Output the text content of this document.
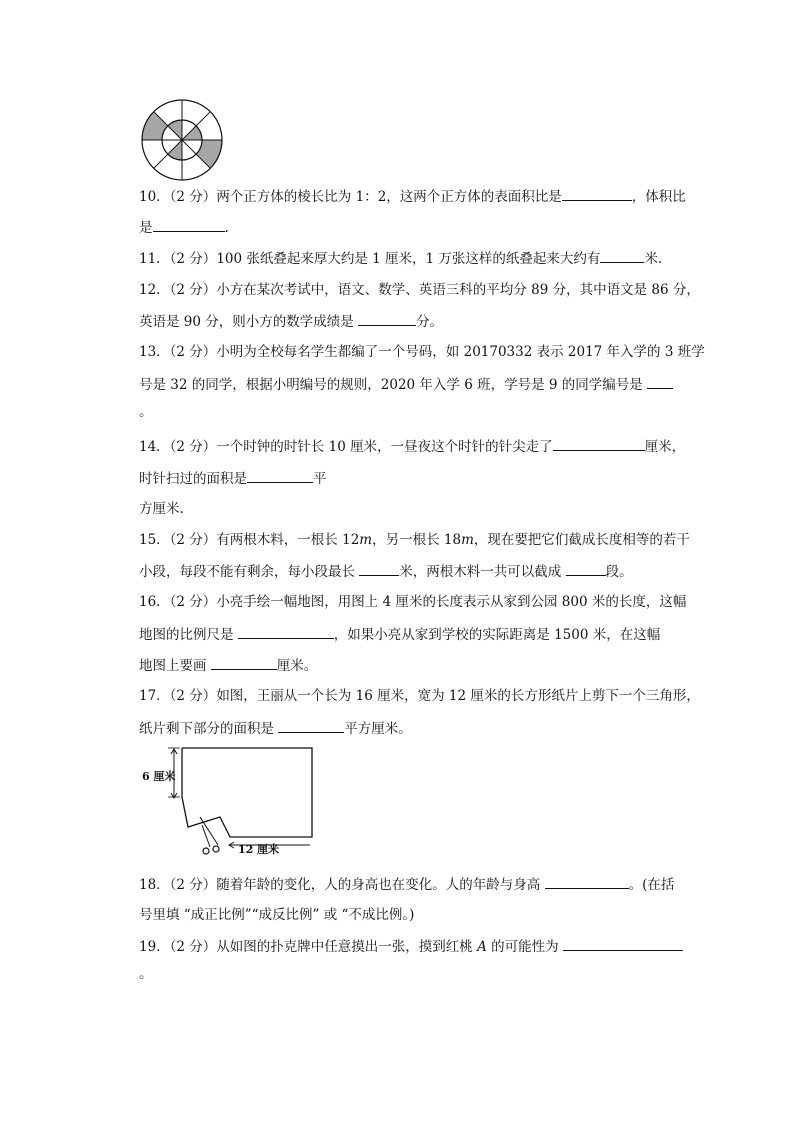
10．（2 分）两个正方体的棱长比为 1：2，这两个正方体的表面积比是	，体积比
是	.
11．（2 分）100 张纸叠起来厚大约是 1 厘米，1 万张这样的纸叠起来大约有	米.
12．（2 分）小方在某次考试中，语文、数学、英语三科的平均分 89 分，其中语文是 86 分，
英语是 90 分，则小方的数学成绩是	分。
13．（2 分）小明为全校每名学生都编了一个号码，如 20170332 表示 2017 年入学的 3 班学
号是 32 的同学，根据小明编号的规则，2020 年入学 6 班，学号是 9 的同学编号是
。
14．（2 分）一个时钟的时针长 10 厘米，一昼夜这个时针的针尖走了	厘米，
时针扫过的面积是	平
方厘米.
15．（2 分）有两根木料，一根长 12m，另一根长 18m，现在要把它们截成长度相等的若干
小段，每段不能有剩余，每小段最长	米，两根木料一共可以截成	段。
16．（2 分）小亮手绘一幅地图，用图上 4 厘米的长度表示从家到公园 800 米的长度，这幅
地图的比例尺是	，如果小亮从家到学校的实际距离是 1500 米，在这幅
地图上要画	厘米。
17．（2 分）如图，王丽从一个长为 16 厘米，宽为 12 厘米的长方形纸片上剪下一个三角形，
纸片剩下部分的面积是	平方厘米。
6 厘米
12 厘米
18．（2 分）随着年龄的变化，人的身高也在变化。人的年龄与身高	。(在括
号里填 “成正比例”“成反比例” 或 “不成比例。)
19．（2 分）从如图的扑克牌中任意摸出一张，摸到红桃 A 的可能性为
。
